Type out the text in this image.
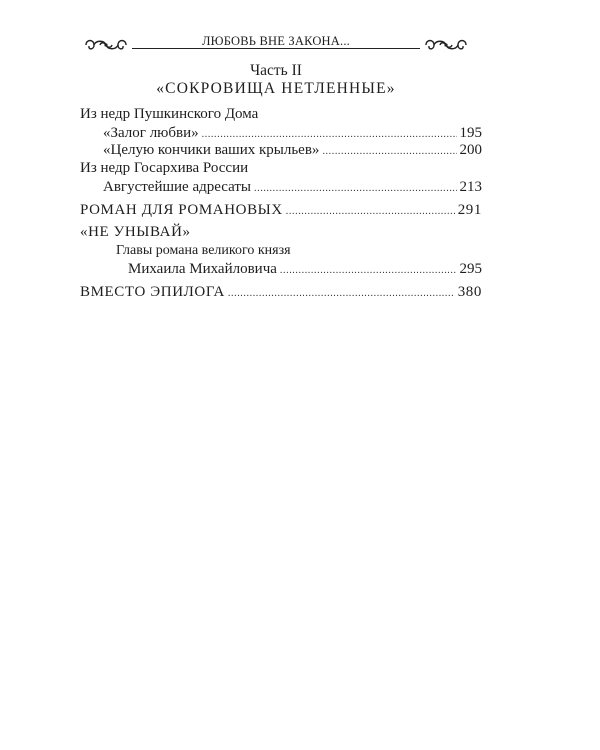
ЛЮБОВЬ ВНЕ ЗАКОНА...
Часть II
«СОКРОВИЩА НЕТЛЕННЫЕ»
Из недр Пушкинского Дома
«Залог любви» .....	195
«Целую кончики ваших крыльев» .....	200
Из недр Госархива России
Августейшие адресаты .....	213
РОМАН ДЛЯ РОМАНОВЫХ .....	291
«НЕ УНЫВАЙ»
Главы романа великого князя
Михаила Михайловича .....	295
ВМЕСТО ЭПИЛОГА .....	380
